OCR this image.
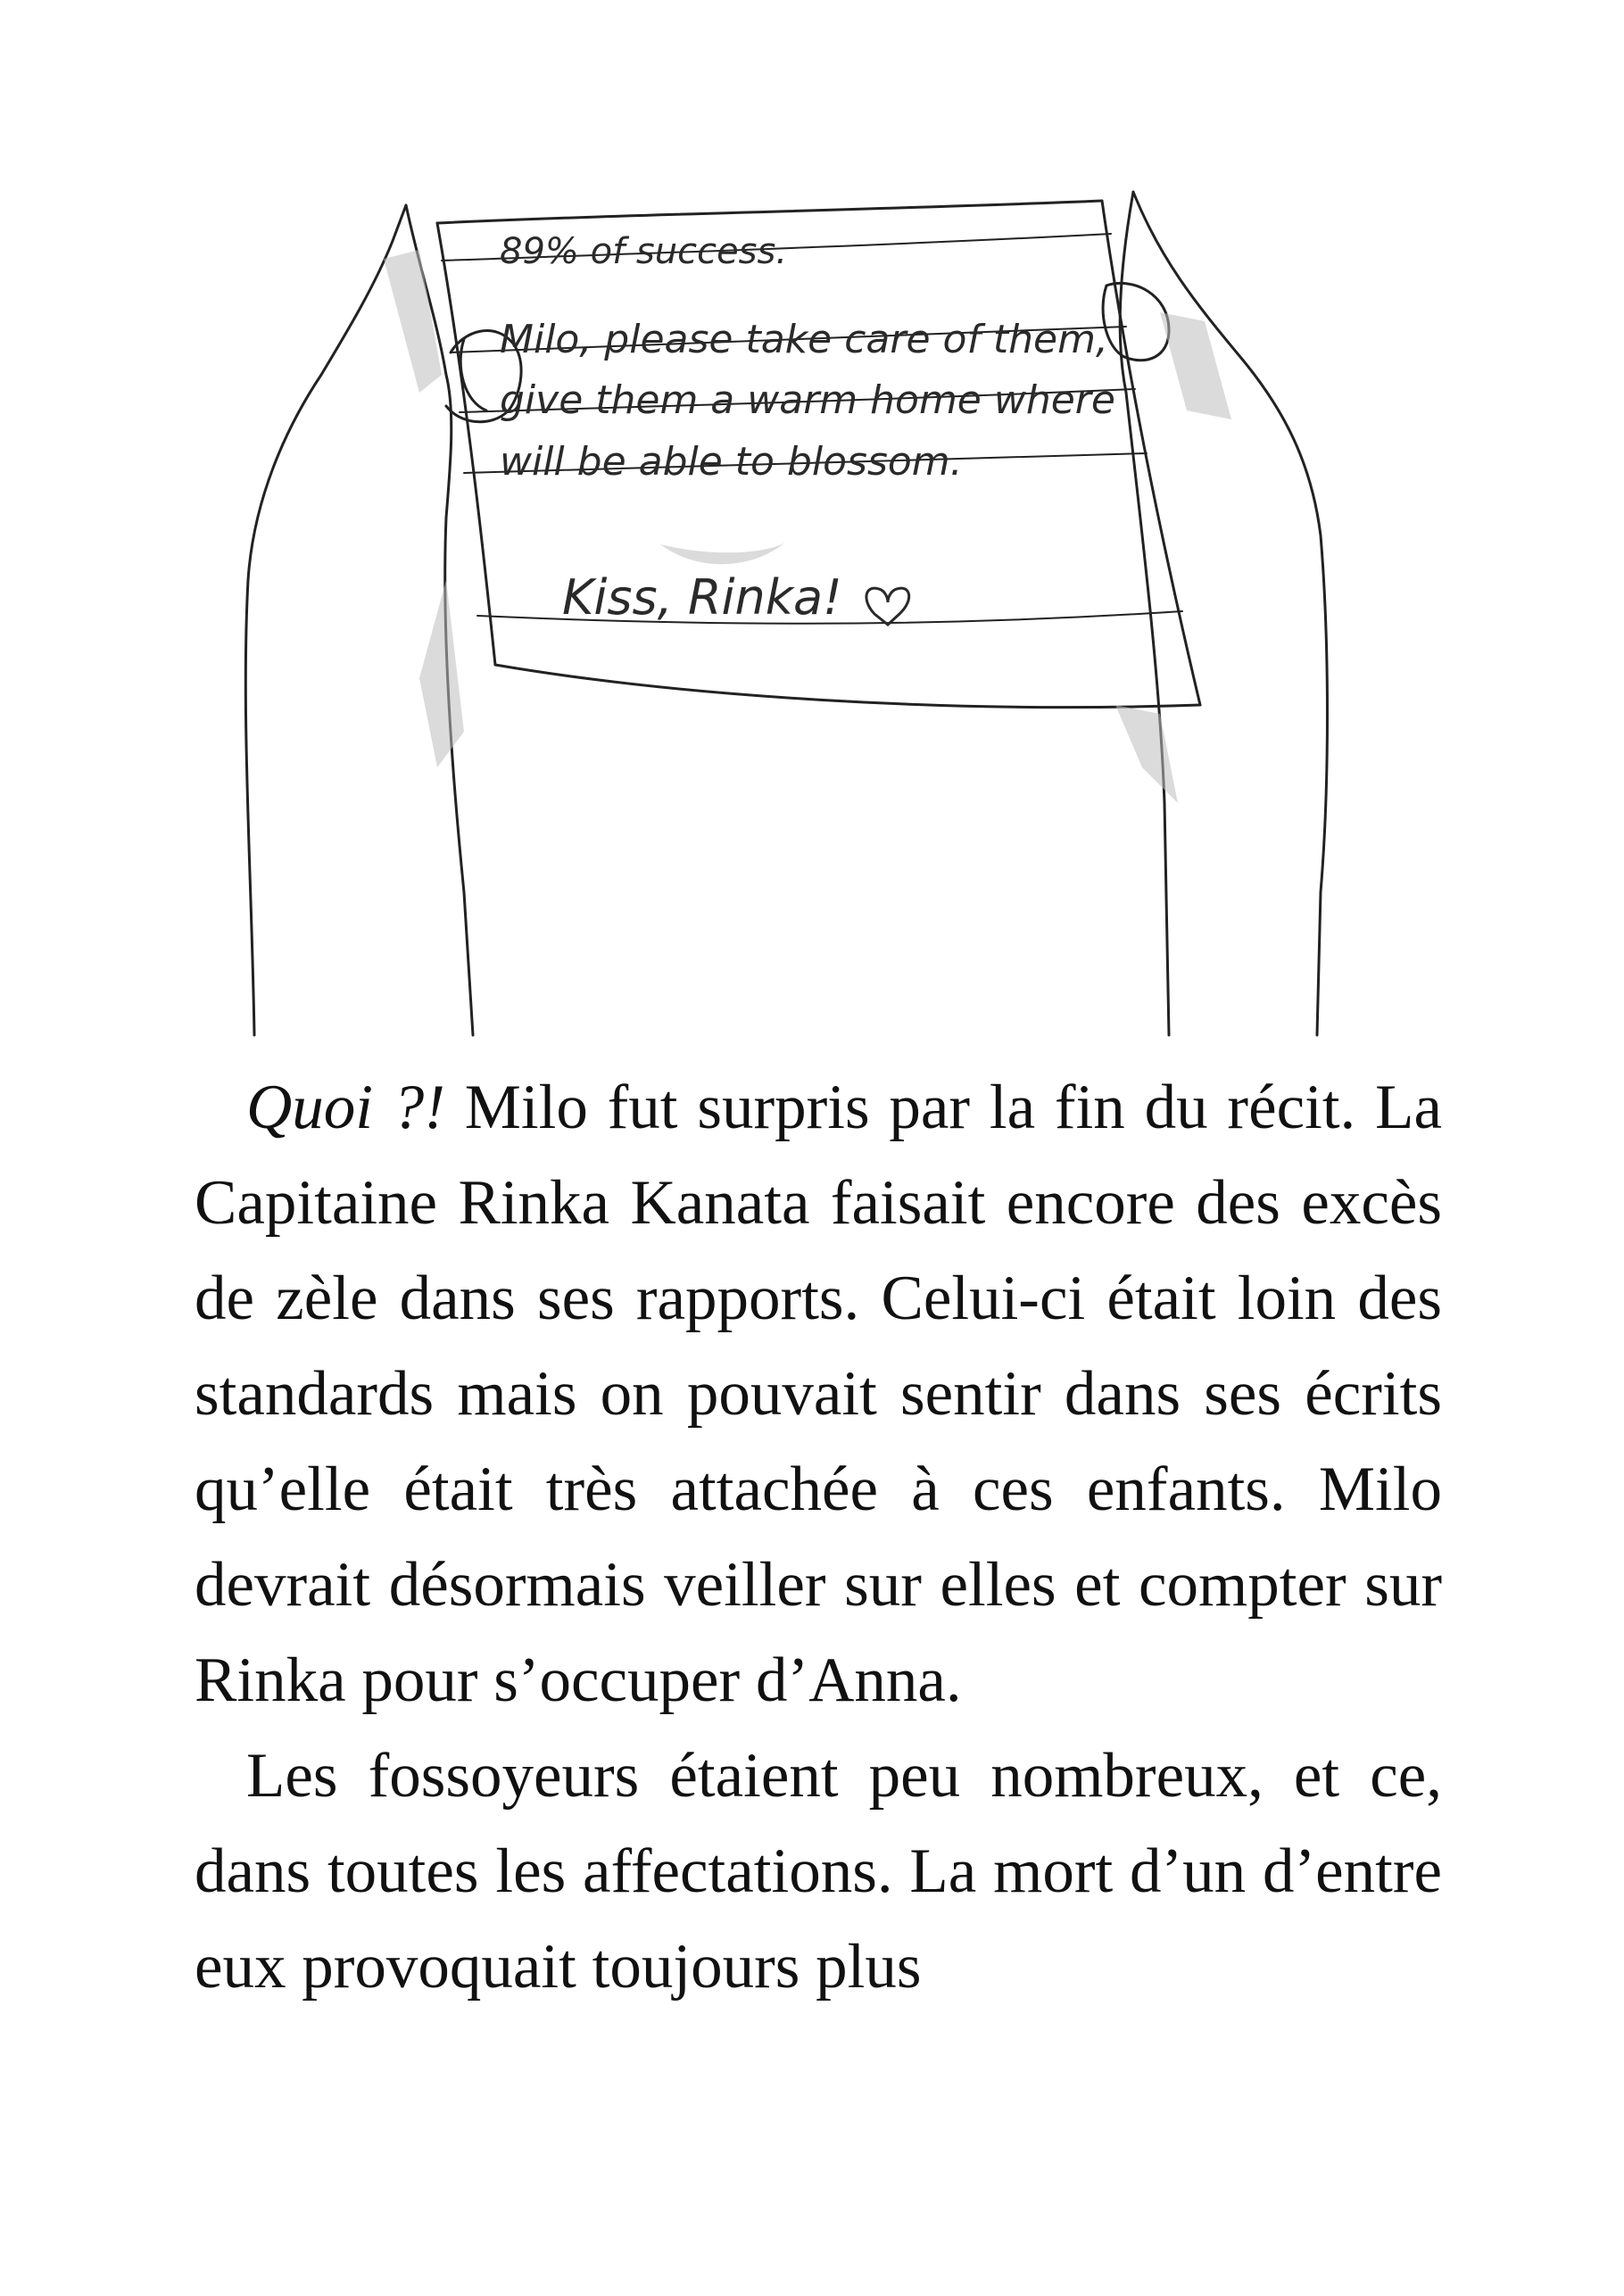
89% of success.
Milo, please take care of them,
give them a warm home where
will be able to blossom.
Kiss, Rinka!

Quoi ?! Milo fut surpris par la fin du récit. La Capitaine Rinka Kanata faisait encore des excès de zèle dans ses rapports. Celui-ci était loin des standards mais on pouvait sentir dans ses écrits qu’elle était très attachée à ces enfants. Milo devrait désormais veiller sur elles et compter sur Rinka pour s’occuper d’Anna.

Les fossoyeurs étaient peu nombreux, et ce, dans toutes les affectations. La mort d’un d’entre eux provoquait toujours plus
